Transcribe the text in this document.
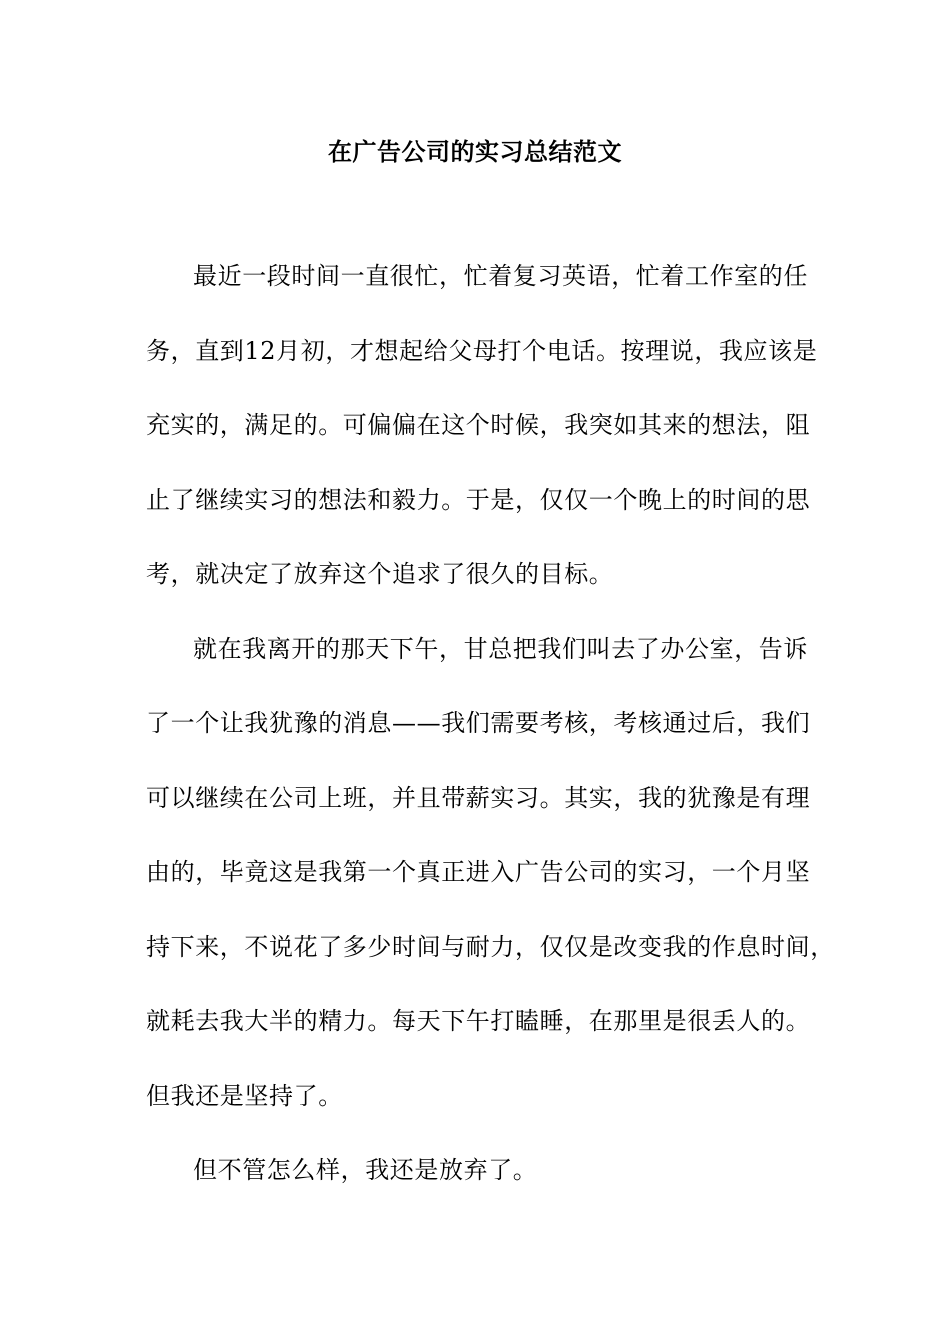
在广告公司的实习总结范文
最近一段时间一直很忙，忙着复习英语，忙着工作室的任
务，直到12月初，才想起给父母打个电话。按理说，我应该是
充实的，满足的。可偏偏在这个时候，我突如其来的想法，阻
止了继续实习的想法和毅力。于是，仅仅一个晚上的时间的思
考，就决定了放弃这个追求了很久的目标。
就在我离开的那天下午，甘总把我们叫去了办公室，告诉
了一个让我犹豫的消息——我们需要考核，考核通过后，我们
可以继续在公司上班，并且带薪实习。其实，我的犹豫是有理
由的，毕竟这是我第一个真正进入广告公司的实习，一个月坚
持下来，不说花了多少时间与耐力，仅仅是改变我的作息时间，
就耗去我大半的精力。每天下午打瞌睡，在那里是很丢人的。
但我还是坚持了。
但不管怎么样，我还是放弃了。
